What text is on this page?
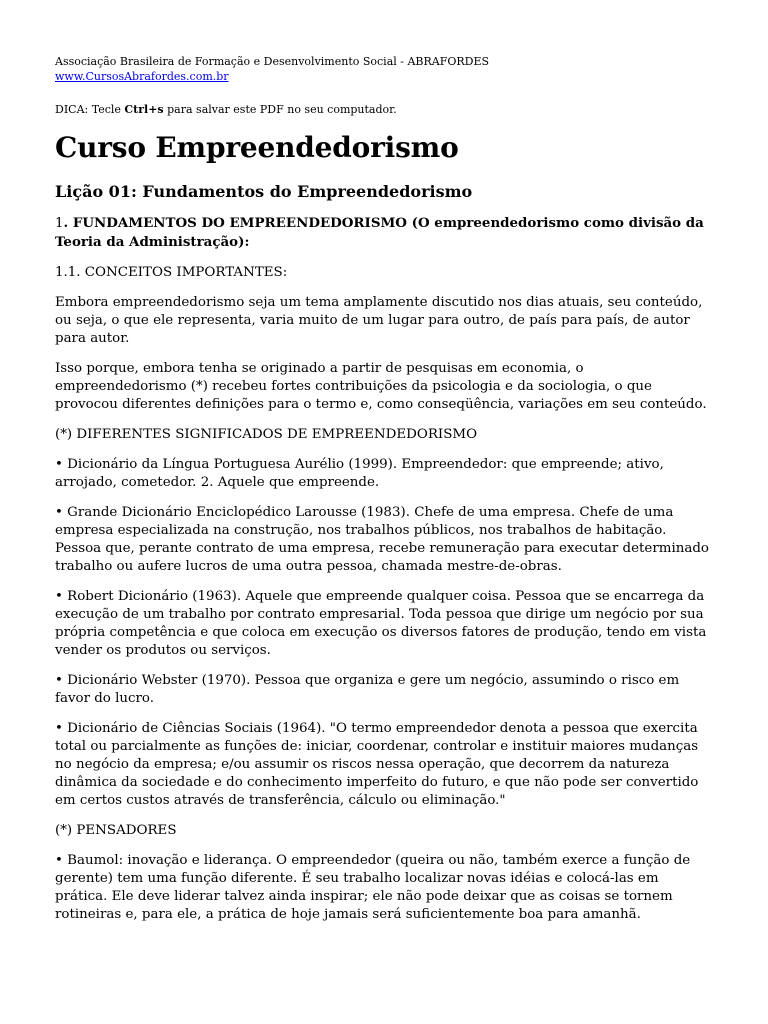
Associação Brasileira de Formação e Desenvolvimento Social - ABRAFORDES

www.CursosAbrafordes.com.br

DICA: Tecle Ctrl+s para salvar este PDF no seu computador.

Curso Empreendedorismo
Lição 01: Fundamentos do Empreendedorismo

1. FUNDAMENTOS DO EMPREENDEDORISMO (O empreendedorismo como divisão da Teoria da Administração):

1.1. CONCEITOS IMPORTANTES:

Embora empreendedorismo seja um tema amplamente discutido nos dias atuais, seu conteúdo, ou seja, o que ele representa, varia muito de um lugar para outro, de país para país, de autor para autor.

Isso porque, embora tenha se originado a partir de pesquisas em economia, o empreendedorismo (*) recebeu fortes contribuições da psicologia e da sociologia, o que provocou diferentes definições para o termo e, como conseqüência, variações em seu conteúdo.

(*) DIFERENTES SIGNIFICADOS DE EMPREENDEDORISMO

• Dicionário da Língua Portuguesa Aurélio (1999). Empreendedor: que empreende; ativo, arrojado, cometedor. 2. Aquele que empreende.

• Grande Dicionário Enciclopédico Larousse (1983). Chefe de uma empresa. Chefe de uma empresa especializada na construção, nos trabalhos públicos, nos trabalhos de habitação. Pessoa que, perante contrato de uma empresa, recebe remuneração para executar determinado trabalho ou aufere lucros de uma outra pessoa, chamada mestre-de-obras.

• Robert Dicionário (1963). Aquele que empreende qualquer coisa. Pessoa que se encarrega da execução de um trabalho por contrato empresarial. Toda pessoa que dirige um negócio por sua própria competência e que coloca em execução os diversos fatores de produção, tendo em vista vender os produtos ou serviços.

• Dicionário Webster (1970). Pessoa que organiza e gere um negócio, assumindo o risco em favor do lucro.

• Dicionário de Ciências Sociais (1964). "O termo empreendedor denota a pessoa que exercita total ou parcialmente as funções de: iniciar, coordenar, controlar e instituir maiores mudanças no negócio da empresa; e/ou assumir os riscos nessa operação, que decorrem da natureza dinâmica da sociedade e do conhecimento imperfeito do futuro, e que não pode ser convertido em certos custos através de transferência, cálculo ou eliminação."

(*) PENSADORES

• Baumol: inovação e liderança. O empreendedor (queira ou não, também exerce a função de gerente) tem uma função diferente. É seu trabalho localizar novas idéias e colocá-las em prática. Ele deve liderar talvez ainda inspirar; ele não pode deixar que as coisas se tornem rotineiras e, para ele, a prática de hoje jamais será suficientemente boa para amanhã.
